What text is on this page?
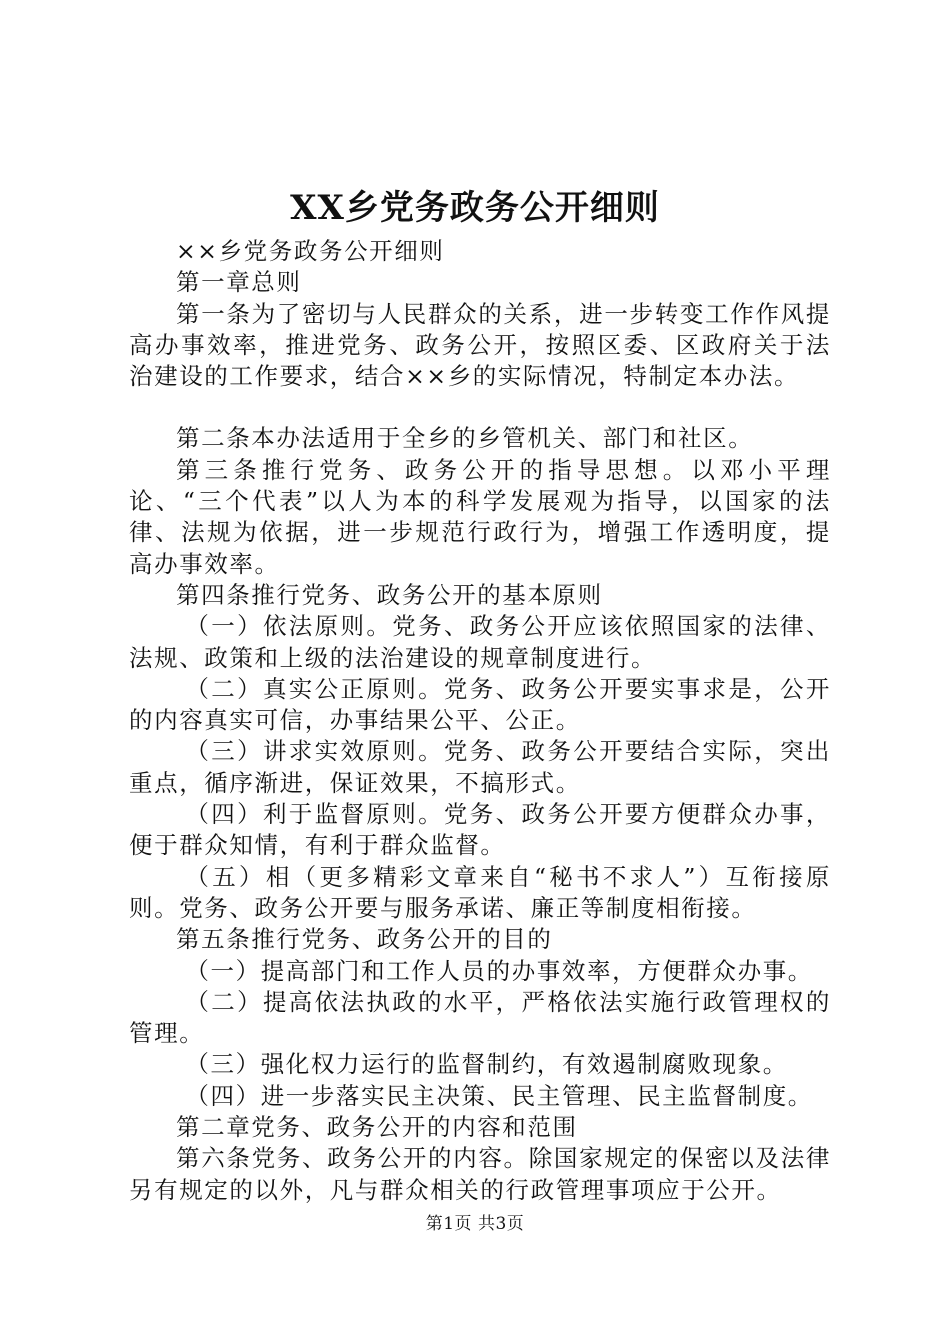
XX乡党务政务公开细则

××乡党务政务公开细则

第一章总则

第一条为了密切与人民群众的关系，进一步转变工作作风提高办事效率，推进党务、政务公开，按照区委、区政府关于法治建设的工作要求，结合××乡的实际情况，特制定本办法。

第二条本办法适用于全乡的乡管机关、部门和社区。

第三条推行党务、政务公开的指导思想。以邓小平理论、“三个代表”以人为本的科学发展观为指导，以国家的法律、法规为依据，进一步规范行政行为，增强工作透明度，提高办事效率。

第四条推行党务、政务公开的基本原则

（一）依法原则。党务、政务公开应该依照国家的法律、法规、政策和上级的法治建设的规章制度进行。

（二）真实公正原则。党务、政务公开要实事求是，公开的内容真实可信，办事结果公平、公正。

（三）讲求实效原则。党务、政务公开要结合实际，突出重点，循序渐进，保证效果，不搞形式。

（四）利于监督原则。党务、政务公开要方便群众办事，便于群众知情，有利于群众监督。

（五）相（更多精彩文章来自“秘书不求人”）互衔接原则。党务、政务公开要与服务承诺、廉正等制度相衔接。

第五条推行党务、政务公开的目的

（一）提高部门和工作人员的办事效率，方便群众办事。

（二）提高依法执政的水平，严格依法实施行政管理权的管理。

（三）强化权力运行的监督制约，有效遏制腐败现象。

（四）进一步落实民主决策、民主管理、民主监督制度。

第二章党务、政务公开的内容和范围

第六条党务、政务公开的内容。除国家规定的保密以及法律另有规定的以外，凡与群众相关的行政管理事项应于公开。

第1页 共3页
